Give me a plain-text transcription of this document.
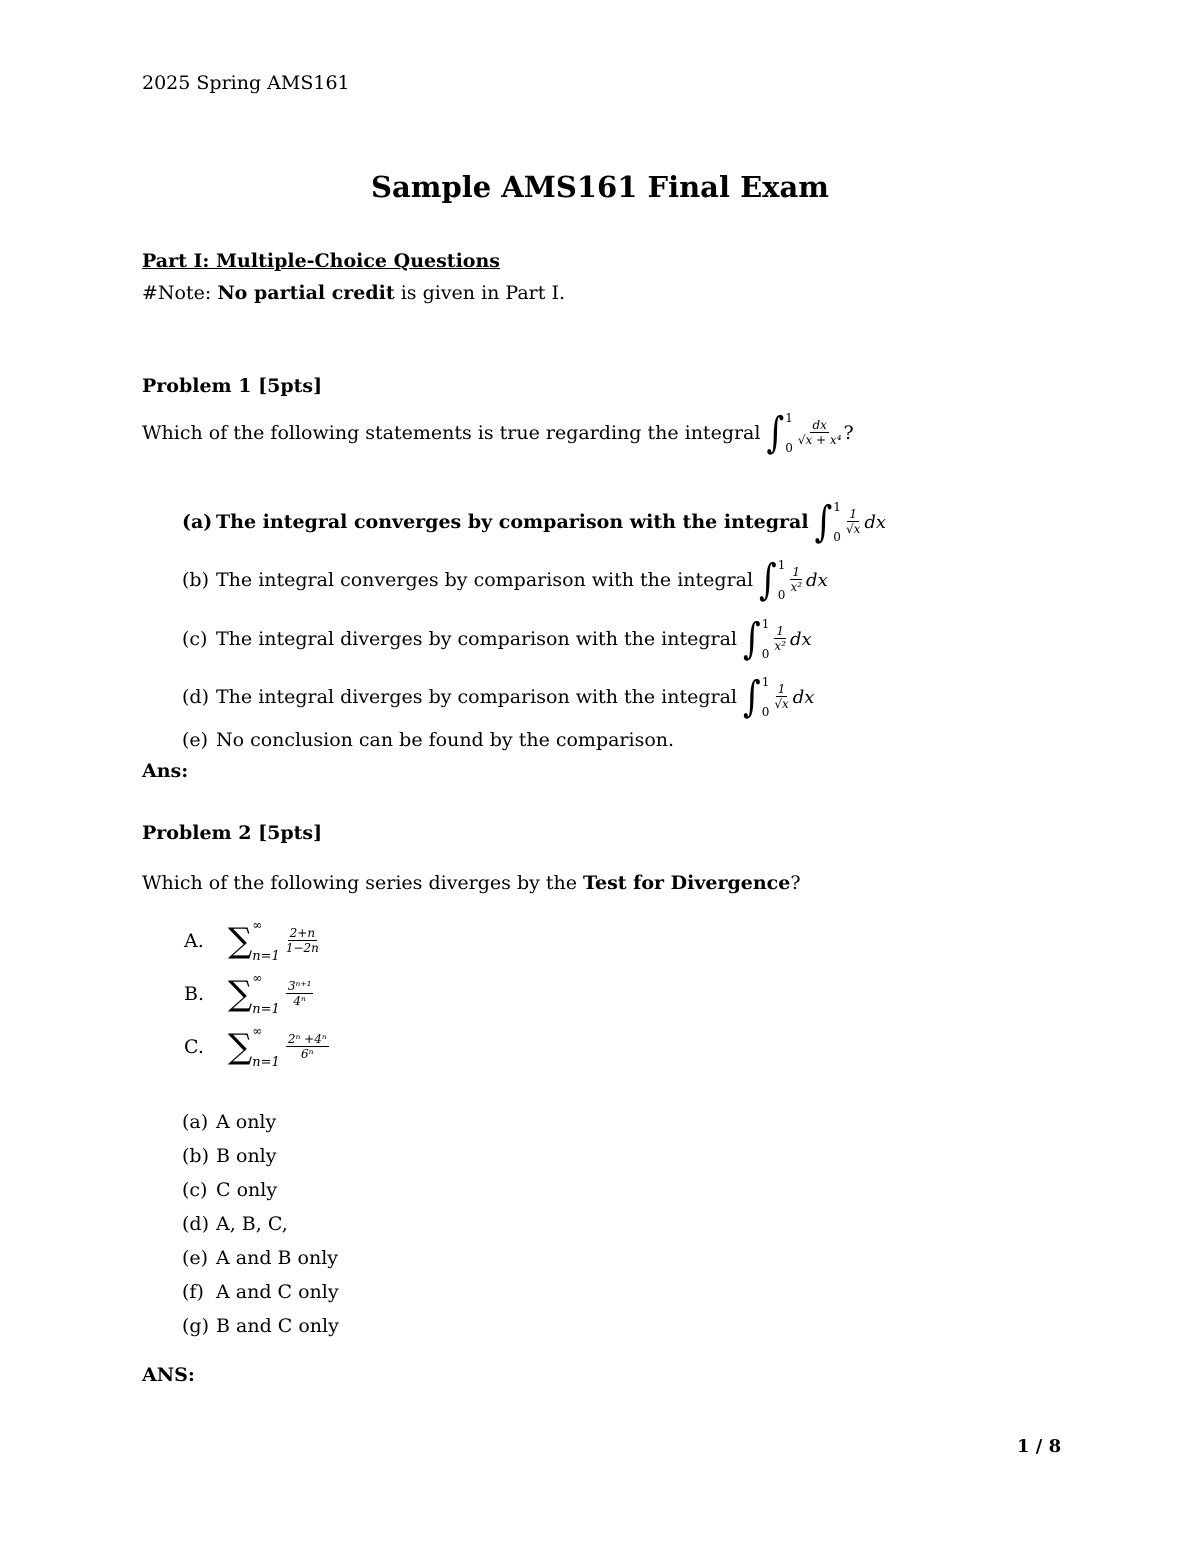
2025 Spring AMS161
Sample AMS161 Final Exam
Part I: Multiple-Choice Questions
#Note: No partial credit is given in Part I.
Problem 1 [5pts]
Which of the following statements is true regarding the integral ∫ 1
$0 \frac{dx}{\text{√x + x⁴}}$ ?
(a) The integral converges by comparison with the integral ∫ 1
$0 \frac{1}{√x}$ dx
(b) The integral converges by comparison with the integral ∫ 1
$0 \frac{1}{\text{x²}}$ dx
(c) The integral diverges by comparison with the integral ∫ 1
$0 \frac{1}{\text{x²}}$ dx
(d) The integral diverges by comparison with the integral ∫ 1
$0 \frac{1}{√x}$ dx
(e) No conclusion can be found by the comparison.
Ans:
Problem 2 [5pts]
Which of the following series diverges by the Test for Divergence?
A. ∑ ∞
n=1
$\frac{2+n}{1-2n}$
B. ∑ ∞
n=1
$\frac{\text{3ⁿ⁺¹}}{\text{4ⁿ}}$
C. ∑ ∞
n=1
$\frac{\text{2ⁿ +4ⁿ}}{\text{6ⁿ}}$
(a) A only
(b) B only
(c) C only
(d) A, B, C,
(e) A and B only
(f) A and C only
(g) B and C only
ANS:
1 / 8
